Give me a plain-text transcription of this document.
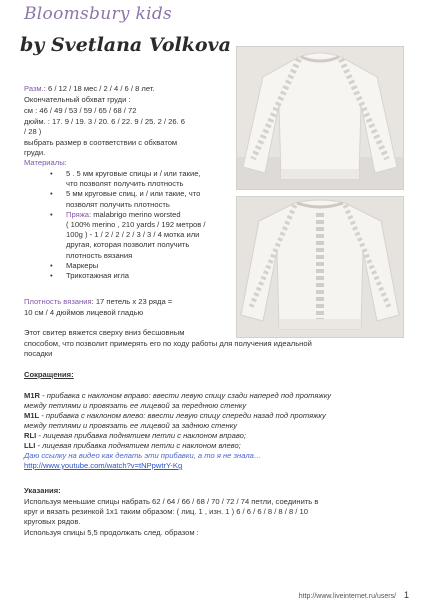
Bloomsbury kids
by Svetlana Volkova
Разм.: 6 / 12 / 18 мес / 2 / 4 / 6 / 8 лет.
Окончательный обхват груди :
см : 46 / 49 / 53 / 59 / 65 / 68 / 72
дюйм. : 17. 9 / 19. 3 / 20. 6 / 22. 9 / 25. 2 / 26. 6
/ 28 )
выбрать размер в соответствии с обхватом
груди.
Материалы:
• 5 . 5 мм круговые спицы и / или такие,
что позволят получить плотность
• 5 мм круговые спиц. и / или такие, что
позволят получить плотность
• Пряжа: malabrigo merino worsted
( 100% merino , 210 yards / 192 метров /
100g ) - 1 / 2 / 2 / 2 / 3 / 3 / 4 мотка или
другая, которая позволит получить
плотность вязания
• Маркеры
• Трикотажная игла
Плотность вязания: 17 петель х 23 ряда =
10 см / 4 дюймов лицевой гладью
Этот свитер вяжется сверху вниз бесшовным
способом, что позволит примерять его по ходу работы для получения идеальной
посадки
Сокращения:
M1R - прибавка с наклоном вправо: ввести левую спицу сзади наперед под протяжку
между петлями и провязать ее лицевой за переднюю стенку
M1L - прибавка с наклоном влево: ввести левую спицу спереди назад под протяжку
между петлями и провязать ее лицевой за заднюю стенку
RLI - лицевая прибавка поднятием петли с наклоном вправо;
LLI - лицевая прибавка поднятием петли с наклоном влево;
Даю ссылку на видео как делать эти прибавки, а то я не знала…
http://www.youtube.com/watch?v=tNPpwtrY-Kg
Указания:
Используя меньшие спицы набрать 62 / 64 / 66 / 68 / 70 / 72 / 74 петли, соединить в
круг и вязать резинкой 1х1 таким образом: ( лиц. 1 , изн. 1 ) 6 / 6 / 6 / 8 / 8 / 8 / 10
круговых рядов.
Используя спицы 5,5 продолжать след. образом :
http://www.liveinternet.ru/users/ 1
